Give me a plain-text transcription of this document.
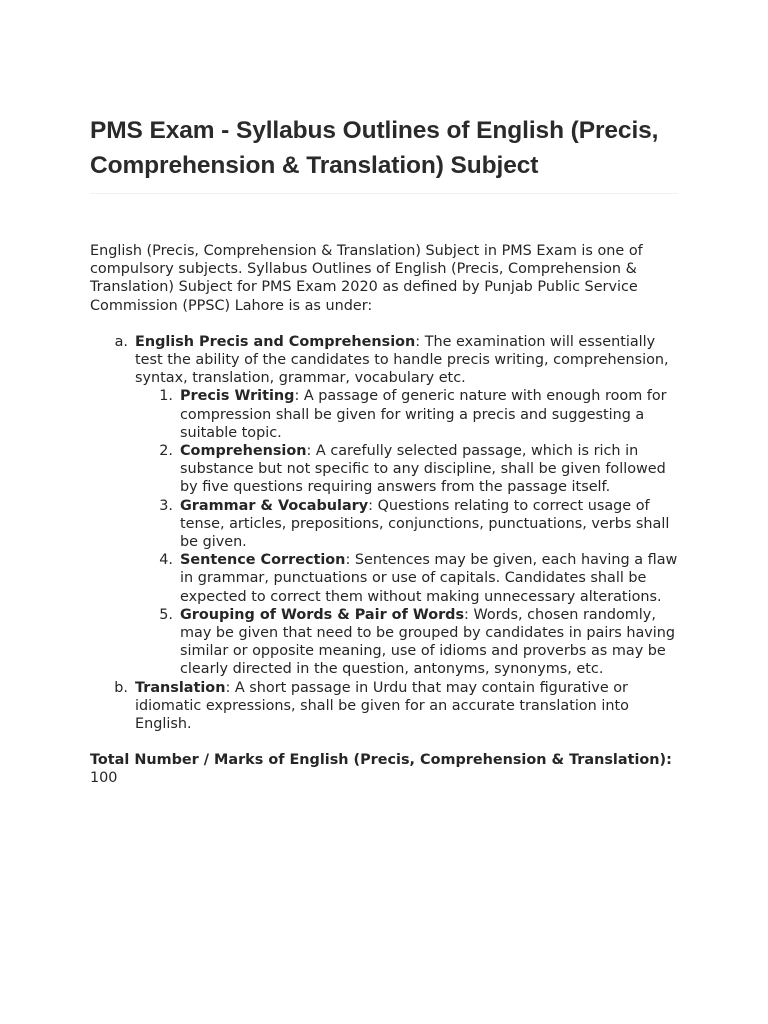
PMS Exam - Syllabus Outlines of English (Precis, Comprehension & Translation) Subject

English (Precis, Comprehension & Translation) Subject in PMS Exam is one of compulsory subjects. Syllabus Outlines of English (Precis, Comprehension & Translation) Subject for PMS Exam 2020 as defined by Punjab Public Service Commission (PPSC) Lahore is as under:

a. English Precis and Comprehension: The examination will essentially test the ability of the candidates to handle precis writing, comprehension, syntax, translation, grammar, vocabulary etc.
1. Precis Writing: A passage of generic nature with enough room for compression shall be given for writing a precis and suggesting a suitable topic.
2. Comprehension: A carefully selected passage, which is rich in substance but not specific to any discipline, shall be given followed by five questions requiring answers from the passage itself.
3. Grammar & Vocabulary: Questions relating to correct usage of tense, articles, prepositions, conjunctions, punctuations, verbs shall be given.
4. Sentence Correction: Sentences may be given, each having a flaw in grammar, punctuations or use of capitals. Candidates shall be expected to correct them without making unnecessary alterations.
5. Grouping of Words & Pair of Words: Words, chosen randomly, may be given that need to be grouped by candidates in pairs having similar or opposite meaning, use of idioms and proverbs as may be clearly directed in the question, antonyms, synonyms, etc.
b. Translation: A short passage in Urdu that may contain figurative or idiomatic expressions, shall be given for an accurate translation into English.

Total Number / Marks of English (Precis, Comprehension & Translation): 100
